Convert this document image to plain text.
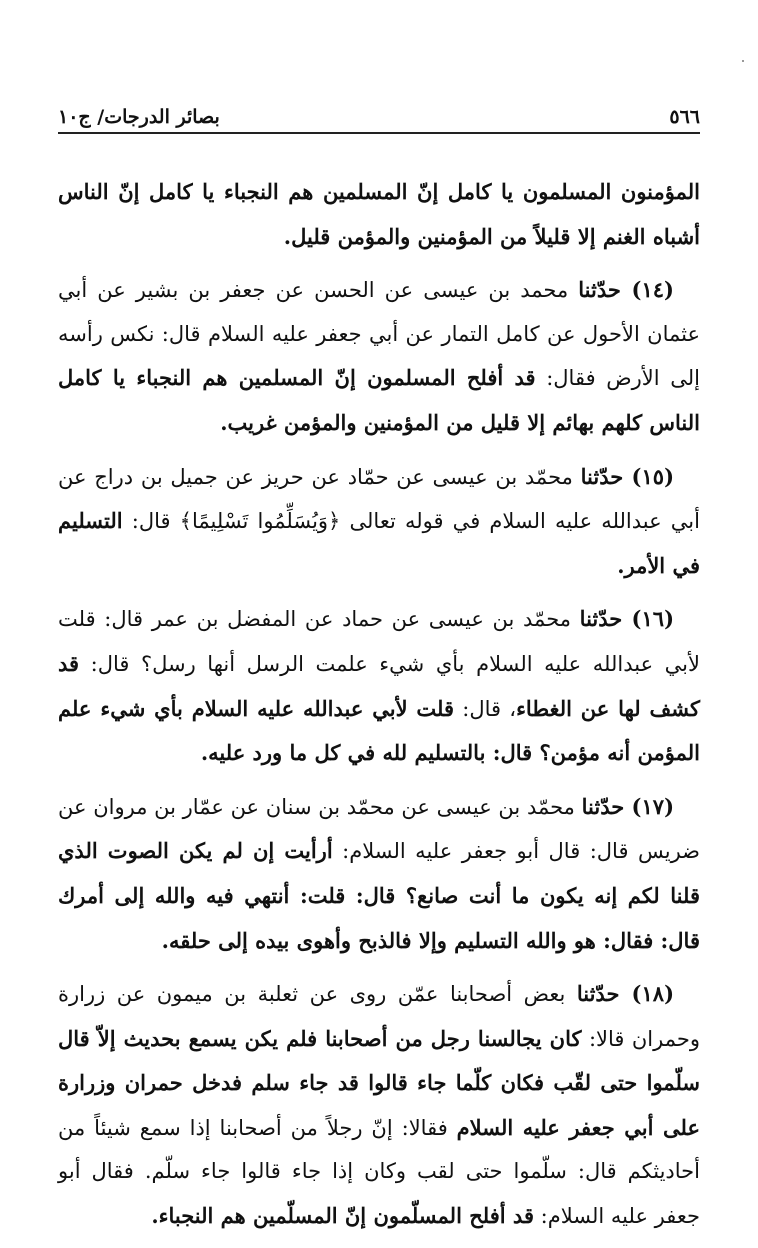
٥٦٦
بصائر الدرجات/ ج١٠

المؤمنون المسلمون يا كامل إنّ المسلمين هم النجباء يا كامل إنّ الناس أشباه الغنم إلا قليلاً من المؤمنين والمؤمن قليل.

(١٤) حدّثنا محمد بن عيسى عن الحسن عن جعفر بن بشير عن أبي عثمان الأحول عن كامل التمار عن أبي جعفر عليه السلام قال: نكس رأسه إلى الأرض فقال: قد أفلح المسلمون إنّ المسلمين هم النجباء يا كامل الناس كلهم بهائم إلا قليل من المؤمنين والمؤمن غريب.

(١٥) حدّثنا محمّد بن عيسى عن حمّاد عن حريز عن جميل بن دراج عن أبي عبدالله عليه السلام في قوله تعالى ﴿وَيُسَلِّمُوا تَسْلِيمًا﴾ قال: التسليم في الأمر.

(١٦) حدّثنا محمّد بن عيسى عن حماد عن المفضل بن عمر قال: قلت لأبي عبدالله عليه السلام بأي شيء علمت الرسل أنها رسل؟ قال: قد كشف لها عن الغطاء، قال: قلت لأبي عبدالله عليه السلام بأي شيء علم المؤمن أنه مؤمن؟ قال: بالتسليم لله في كل ما ورد عليه.

(١٧) حدّثنا محمّد بن عيسى عن محمّد بن سنان عن عمّار بن مروان عن ضريس قال: قال أبو جعفر عليه السلام: أرأيت إن لم يكن الصوت الذي قلنا لكم إنه يكون ما أنت صانع؟ قال: قلت: أنتهي فيه والله إلى أمرك قال: فقال: هو والله التسليم وإلا فالذبح وأهوى بيده إلى حلقه.

(١٨) حدّثنا بعض أصحابنا عمّن روى عن ثعلبة بن ميمون عن زرارة وحمران قالا: كان يجالسنا رجل من أصحابنا فلم يكن يسمع بحديث إلاّ قال سلّموا حتى لقّب فكان كلّما جاء قالوا قد جاء سلم فدخل حمران وزرارة على أبي جعفر عليه السلام فقالا: إنّ رجلاً من أصحابنا إذا سمع شيئاً من أحاديثكم قال: سلّموا حتى لقب وكان إذا جاء قالوا جاء سلّم. فقال أبو جعفر عليه السلام: قد أفلح المسلّمون إنّ المسلّمين هم النجباء.
